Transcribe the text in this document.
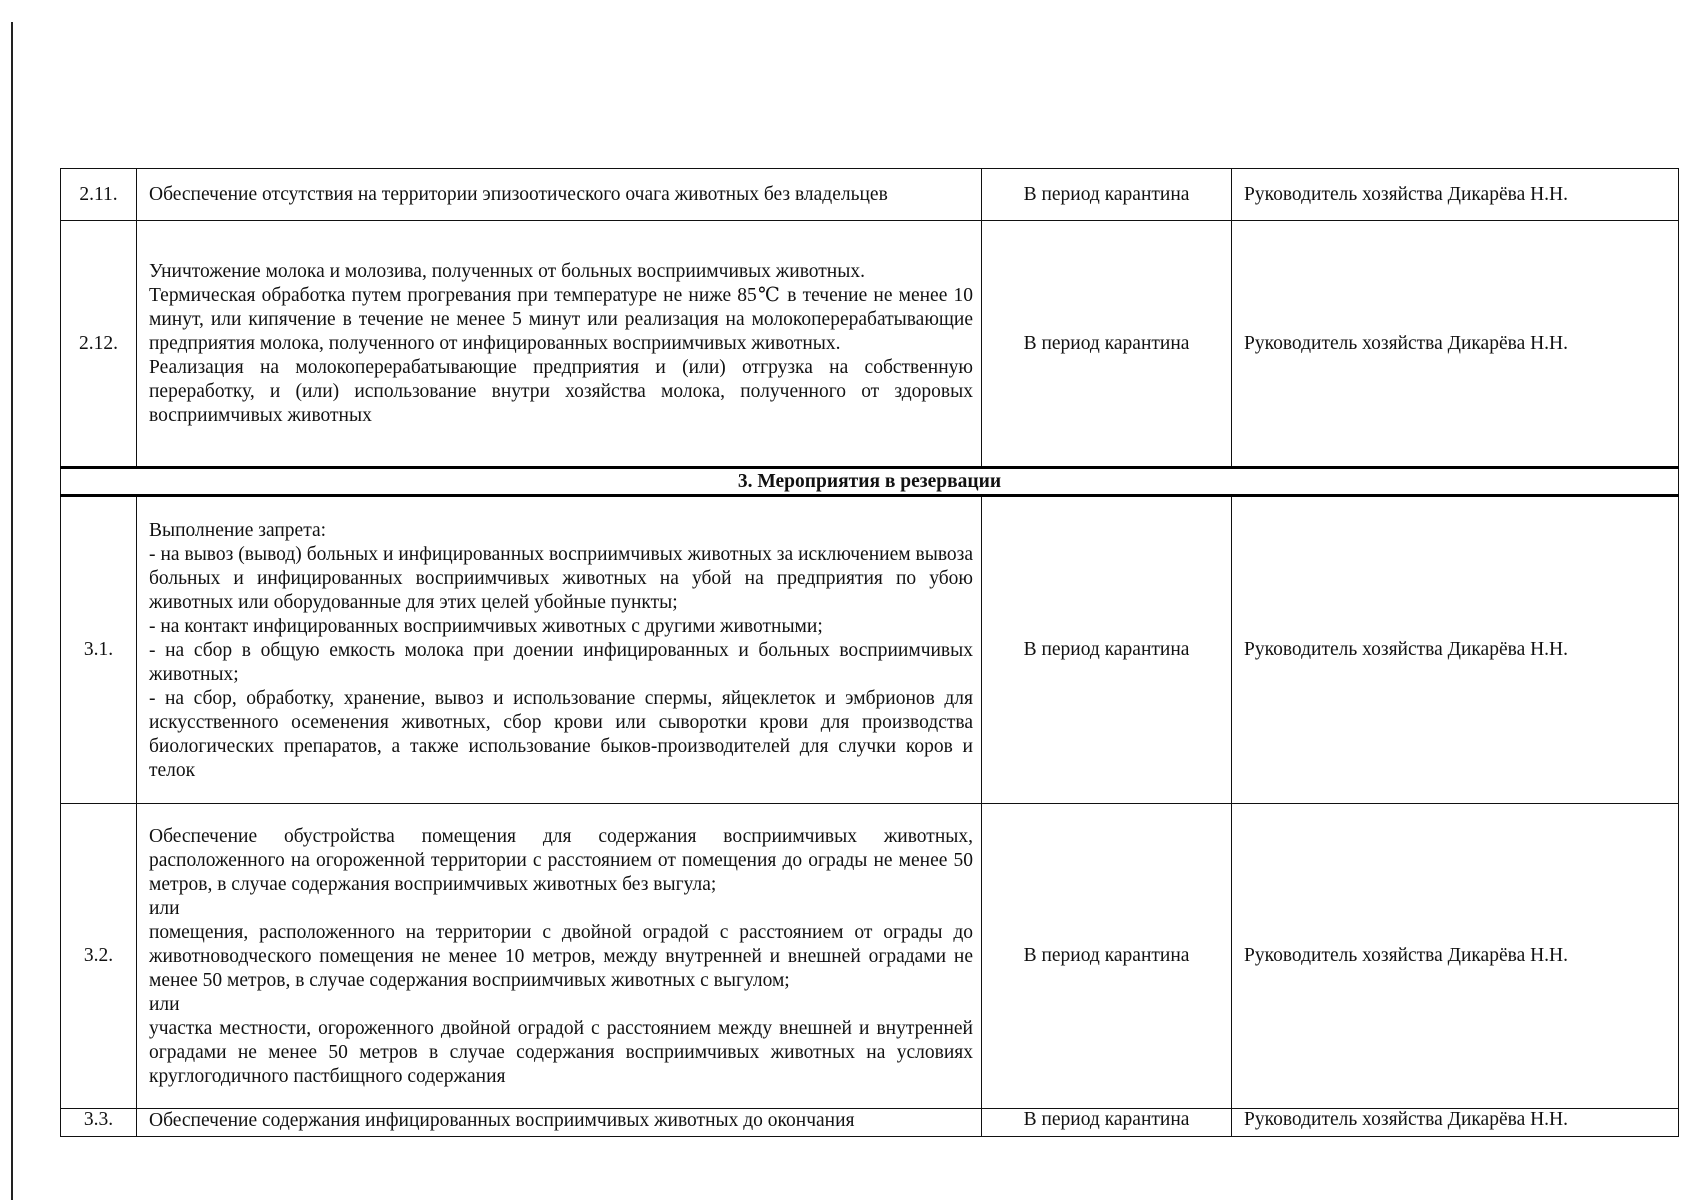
2.11.	Обеспечение отсутствия на территории эпизоотического очага животных без владельцев	В период карантина	Руководитель хозяйства Дикарёва Н.Н.
2.12.	Уничтожение молока и молозива, полученных от больных восприимчивых животных.

Термическая обработка путем прогревания при температуре не ниже 85℃ в течение не менее 10 минут, или кипячение в течение не менее 5 минут или реализация на молокоперерабатывающие предприятия молока, полученного от инфицированных восприимчивых животных.

Реализация на молокоперерабатывающие предприятия и (или) отгрузка на собственную переработку, и (или) использование внутри хозяйства молока, полученного от здоровых восприимчивых животных	В период карантина	Руководитель хозяйства Дикарёва Н.Н.
3. Мероприятия в резервации			
3.1.	Выполнение запрета:

- на вывоз (вывод) больных и инфицированных восприимчивых животных за исключением вывоза больных и инфицированных восприимчивых животных на убой на предприятия по убою животных или оборудованные для этих целей убойные пункты;

- на контакт инфицированных восприимчивых животных с другими животными;

- на сбор в общую емкость молока при доении инфицированных и больных восприимчивых животных;

- на сбор, обработку, хранение, вывоз и использование спермы, яйцеклеток и эмбрионов для искусственного осеменения животных, сбор крови или сыворотки крови для производства биологических препаратов, а также использование быков-производителей для случки коров и телок	В период карантина	Руководитель хозяйства Дикарёва Н.Н.
3.2.	Обеспечение обустройства помещения для содержания восприимчивых животных, расположенного на огороженной территории с расстоянием от помещения до ограды не менее 50 метров, в случае содержания восприимчивых животных без выгула;

или

помещения, расположенного на территории с двойной оградой с расстоянием от ограды до животноводческого помещения не менее 10 метров, между внутренней и внешней оградами не менее 50 метров, в случае содержания восприимчивых животных с выгулом;

или

участка местности, огороженного двойной оградой с расстоянием между внешней и внутренней оградами не менее 50 метров в случае содержания восприимчивых животных на условиях круглогодичного пастбищного содержания	В период карантина	Руководитель хозяйства Дикарёва Н.Н.
3.3.	Обеспечение содержания инфицированных восприимчивых животных до окончания	В период карантина	Руководитель хозяйства Дикарёва Н.Н.
